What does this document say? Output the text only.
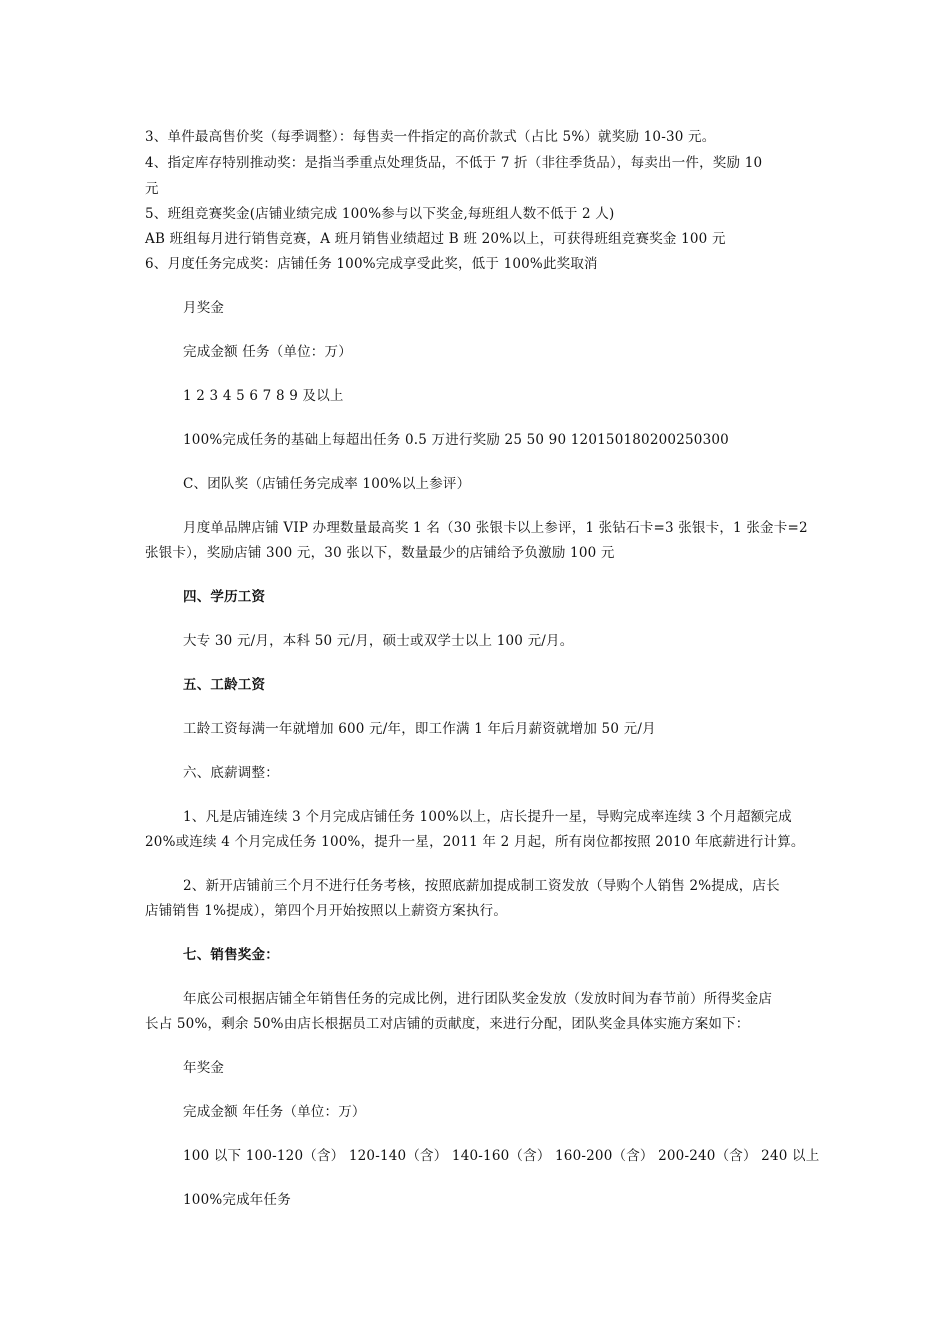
3、单件最高售价奖（每季调整）：每售卖一件指定的高价款式（占比 5%）就奖励 10-30 元。
4、指定库存特别推动奖：是指当季重点处理货品，不低于 7 折（非往季货品），每卖出一件，奖励 10
元
5、班组竞赛奖金(店铺业绩完成 100%参与以下奖金,每班组人数不低于 2 人)
AB 班组每月进行销售竞赛，A 班月销售业绩超过 B 班 20%以上，可获得班组竞赛奖金 100 元
6、月度任务完成奖：店铺任务 100%完成享受此奖，低于 100%此奖取消
月奖金
完成金额 任务（单位：万）
1 2 3 4 5 6 7 8 9 及以上
100%完成任务的基础上每超出任务 0.5 万进行奖励 25 50 90 120150180200250300
C、团队奖（店铺任务完成率 100%以上参评）
月度单品牌店铺 VIP 办理数量最高奖 1 名（30 张银卡以上参评，1 张钻石卡=3 张银卡，1 张金卡=2
张银卡），奖励店铺 300 元，30 张以下，数量最少的店铺给予负激励 100 元
四、学历工资
大专 30 元/月，本科 50 元/月，硕士或双学士以上 100 元/月。
五、工龄工资
工龄工资每满一年就增加 600 元/年，即工作满 1 年后月薪资就增加 50 元/月
六、底薪调整：
1、凡是店铺连续 3 个月完成店铺任务 100%以上，店长提升一星，导购完成率连续 3 个月超额完成
20%或连续 4 个月完成任务 100%，提升一星，2011 年 2 月起，所有岗位都按照 2010 年底薪进行计算。
2、新开店铺前三个月不进行任务考核，按照底薪加提成制工资发放（导购个人销售 2%提成，店长
店铺销售 1%提成），第四个月开始按照以上薪资方案执行。
七、销售奖金：
年底公司根据店铺全年销售任务的完成比例，进行团队奖金发放（发放时间为春节前）所得奖金店
长占 50%，剩余 50%由店长根据员工对店铺的贡献度，来进行分配，团队奖金具体实施方案如下：
年奖金
完成金额 年任务（单位：万）
100 以下 100-120（含） 120-140（含） 140-160（含） 160-200（含） 200-240（含） 240 以上
100%完成年任务
